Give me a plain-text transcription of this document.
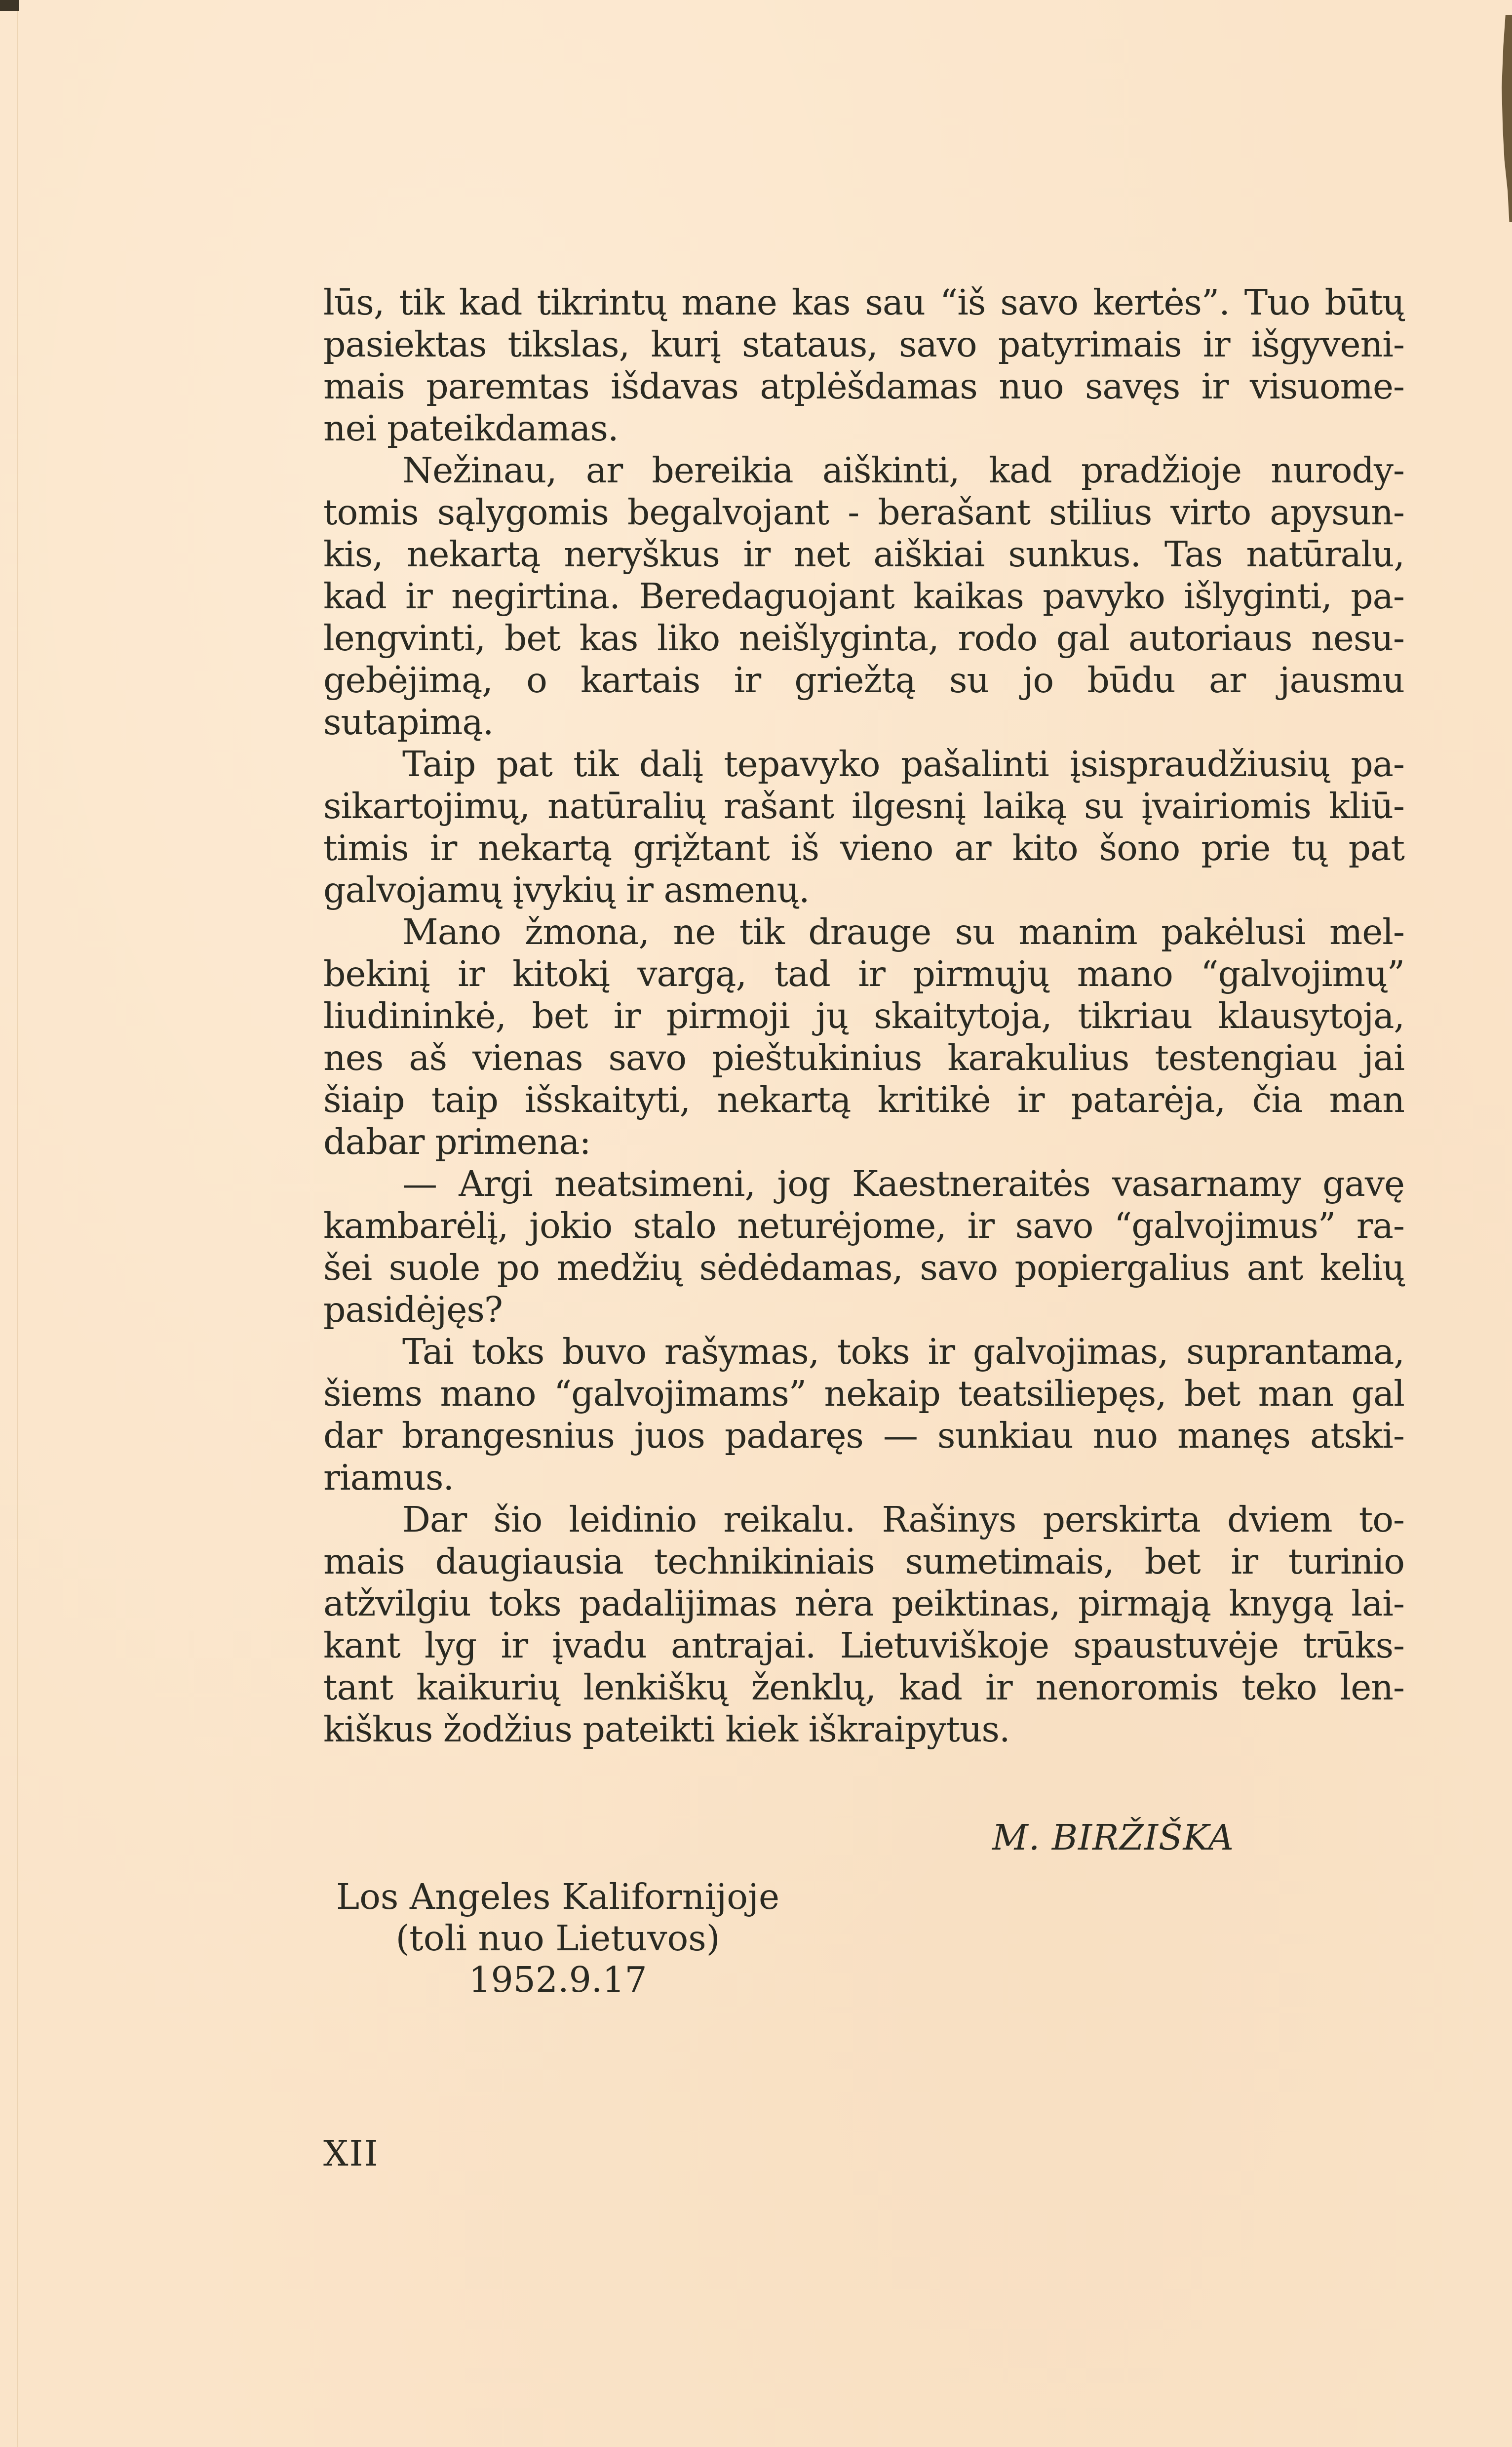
lūs, tik kad tikrintų mane kas sau “iš savo kertės”. Tuo būtų
pasiektas tikslas, kurį stataus, savo patyrimais ir išgyveni-
mais paremtas išdavas atplėšdamas nuo savęs ir visuome-
nei pateikdamas.
Nežinau, ar bereikia aiškinti, kad pradžioje nurody-
tomis sąlygomis begalvojant - berašant stilius virto apysun-
kis, nekartą neryškus ir net aiškiai sunkus. Tas natūralu,
kad ir negirtina. Beredaguojant kaikas pavyko išlyginti, pa-
lengvinti, bet kas liko neišlyginta, rodo gal autoriaus nesu-
gebėjimą, o kartais ir griežtą su jo būdu ar jausmu
sutapimą.
Taip pat tik dalį tepavyko pašalinti įsispraudžiusių pa-
sikartojimų, natūralių rašant ilgesnį laiką su įvairiomis kliū-
timis ir nekartą grįžtant iš vieno ar kito šono prie tų pat
galvojamų įvykių ir asmenų.
Mano žmona, ne tik drauge su manim pakėlusi mel-
bekinį ir kitokį vargą, tad ir pirmųjų mano “galvojimų”
liudininkė, bet ir pirmoji jų skaitytoja, tikriau klausytoja,
nes aš vienas savo pieštukinius karakulius testengiau jai
šiaip taip išskaityti, nekartą kritikė ir patarėja, čia man
dabar primena:
— Argi neatsimeni, jog Kaestneraitės vasarnamy gavę
kambarėlį, jokio stalo neturėjome, ir savo “galvojimus” ra-
šei suole po medžių sėdėdamas, savo popiergalius ant kelių
pasidėjęs?
Tai toks buvo rašymas, toks ir galvojimas, suprantama,
šiems mano “galvojimams” nekaip teatsiliepęs, bet man gal
dar brangesnius juos padaręs — sunkiau nuo manęs atski-
riamus.
Dar šio leidinio reikalu. Rašinys perskirta dviem to-
mais daugiausia technikiniais sumetimais, bet ir turinio
atžvilgiu toks padalijimas nėra peiktinas, pirmąją knygą lai-
kant lyg ir įvadu antrajai. Lietuviškoje spaustuvėje trūks-
tant kaikurių lenkiškų ženklų, kad ir nenoromis teko len-
kiškus žodžius pateikti kiek iškraipytus.
M. BIRŽIŠKA
Los Angeles Kalifornijoje
(toli nuo Lietuvos)
1952.9.17
XII
